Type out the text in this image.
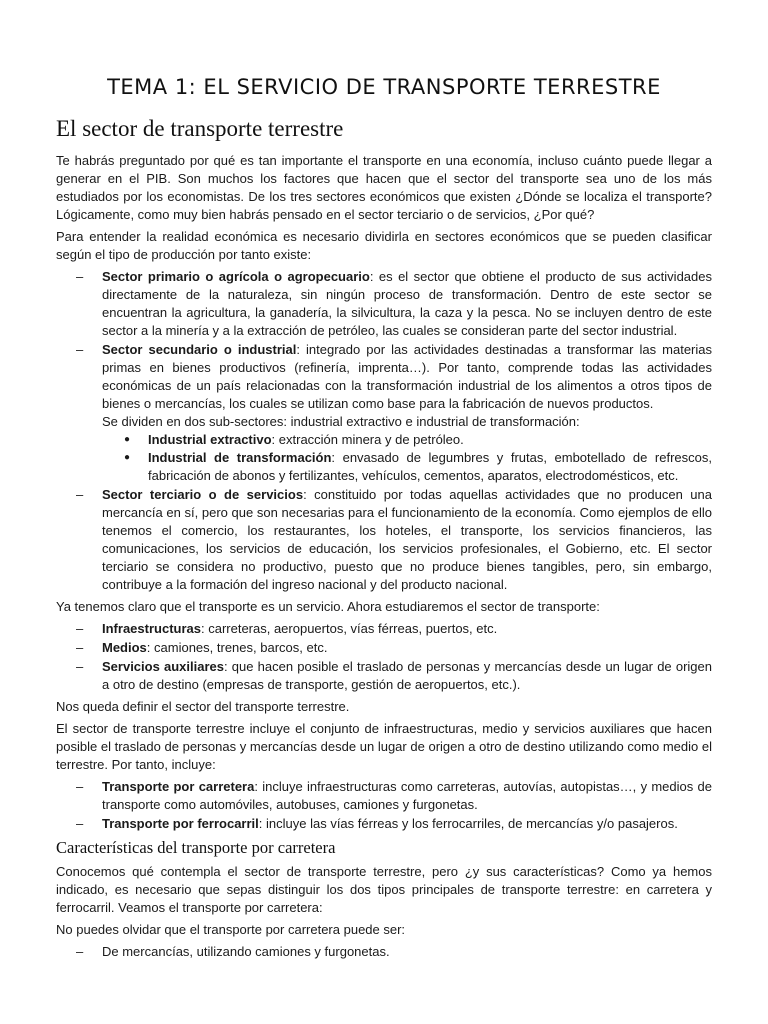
TEMA 1: EL SERVICIO DE TRANSPORTE TERRESTRE
El sector de transporte terrestre

Te habrás preguntado por qué es tan importante el transporte en una economía, incluso cuánto puede llegar a generar en el PIB. Son muchos los factores que hacen que el sector del transporte sea uno de los más estudiados por los economistas. De los tres sectores económicos que existen ¿Dónde se localiza el transporte? Lógicamente, como muy bien habrás pensado en el sector terciario o de servicios, ¿Por qué?

Para entender la realidad económica es necesario dividirla en sectores económicos que se pueden clasificar según el tipo de producción por tanto existe:

– Sector primario o agrícola o agropecuario: es el sector que obtiene el producto de sus actividades directamente de la naturaleza, sin ningún proceso de transformación. Dentro de este sector se encuentran la agricultura, la ganadería, la silvicultura, la caza y la pesca. No se incluyen dentro de este sector a la minería y a la extracción de petróleo, las cuales se consideran parte del sector industrial.
– Sector secundario o industrial: integrado por las actividades destinadas a transformar las materias primas en bienes productivos (refinería, imprenta…). Por tanto, comprende todas las actividades económicas de un país relacionadas con la transformación industrial de los alimentos a otros tipos de bienes o mercancías, los cuales se utilizan como base para la fabricación de nuevos productos.
Se dividen en dos sub-sectores: industrial extractivo e industrial de transformación:
● Industrial extractivo: extracción minera y de petróleo.
● Industrial de transformación: envasado de legumbres y frutas, embotellado de refrescos, fabricación de abonos y fertilizantes, vehículos, cementos, aparatos, electrodomésticos, etc.
– Sector terciario o de servicios: constituido por todas aquellas actividades que no producen una mercancía en sí, pero que son necesarias para el funcionamiento de la economía. Como ejemplos de ello tenemos el comercio, los restaurantes, los hoteles, el transporte, los servicios financieros, las comunicaciones, los servicios de educación, los servicios profesionales, el Gobierno, etc. El sector terciario se considera no productivo, puesto que no produce bienes tangibles, pero, sin embargo, contribuye a la formación del ingreso nacional y del producto nacional.

Ya tenemos claro que el transporte es un servicio. Ahora estudiaremos el sector de transporte:

– Infraestructuras: carreteras, aeropuertos, vías férreas, puertos, etc.
– Medios: camiones, trenes, barcos, etc.
– Servicios auxiliares: que hacen posible el traslado de personas y mercancías desde un lugar de origen a otro de destino (empresas de transporte, gestión de aeropuertos, etc.).

Nos queda definir el sector del transporte terrestre.

El sector de transporte terrestre incluye el conjunto de infraestructuras, medio y servicios auxiliares que hacen posible el traslado de personas y mercancías desde un lugar de origen a otro de destino utilizando como medio el terrestre. Por tanto, incluye:

– Transporte por carretera: incluye infraestructuras como carreteras, autovías, autopistas…, y medios de transporte como automóviles, autobuses, camiones y furgonetas.
– Transporte por ferrocarril: incluye las vías férreas y los ferrocarriles, de mercancías y/o pasajeros.
Características del transporte por carretera

Conocemos qué contempla el sector de transporte terrestre, pero ¿y sus características? Como ya hemos indicado, es necesario que sepas distinguir los dos tipos principales de transporte terrestre: en carretera y ferrocarril. Veamos el transporte por carretera:

No puedes olvidar que el transporte por carretera puede ser:

– De mercancías, utilizando camiones y furgonetas.
